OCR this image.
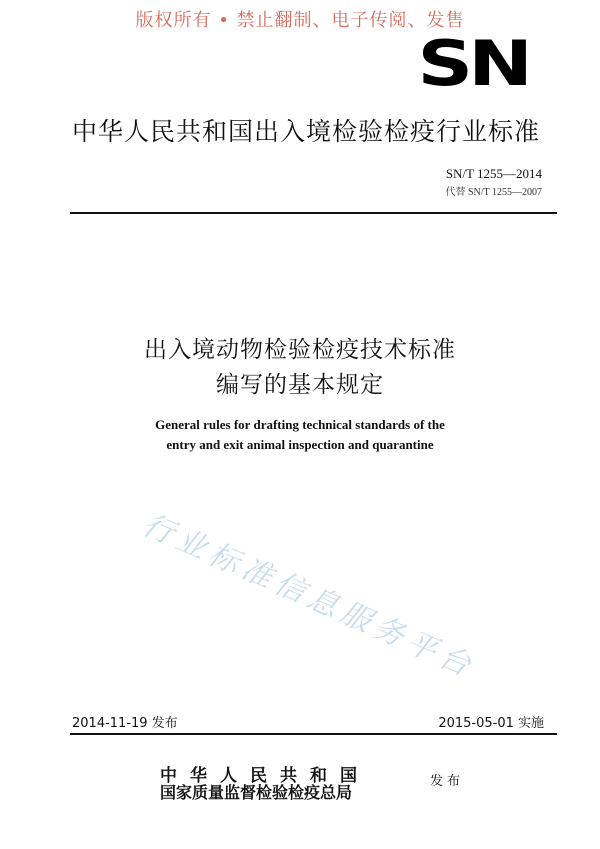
版权所有 • 禁止翻制、电子传阅、发售
SN
中华人民共和国出入境检验检疫行业标准
SN/T 1255—2014
代替 SN/T 1255—2007
出入境动物检验检疫技术标准
编写的基本规定
General rules for drafting technical standards of the
entry and exit animal inspection and quarantine
行业标准信息服务平台
2014-11-19 发布	2015-05-01 实施
中华人民共和国
国家质量监督检验检疫总局
发布
